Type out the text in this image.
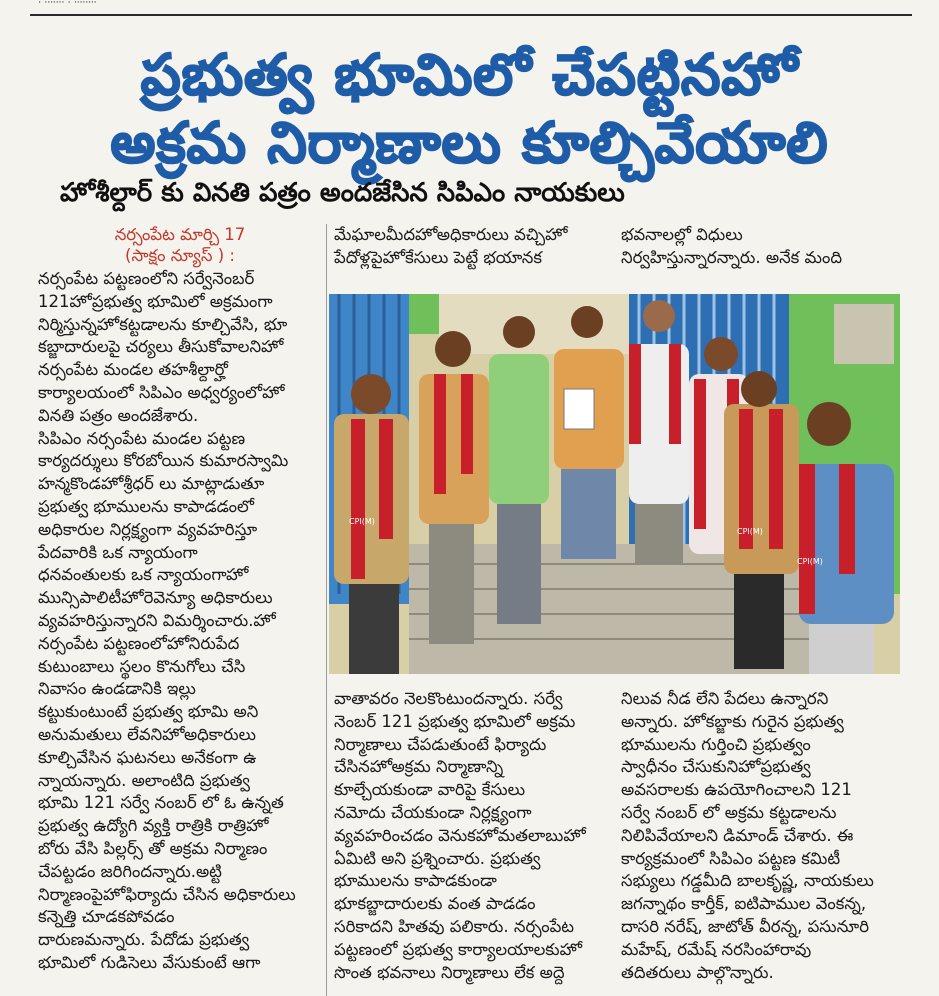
ᐧ ᐧᐧᐧᐧᐧᐧᐧ ᐧ ᐧᐧᐧᐧᐧᐧᐧᐧ
ప్రభుత్వ భూమిలో చేపట్టినహో
అక్రమ నిర్మాణాలు కూల్చివేయాలి
హోశీల్దార్ కు వినతి పత్రం అందజేసిన సిపిఎం నాయకులు
నర్సంపేట మార్చి 17
(సాక్షం న్యూస్ ) :
నర్సంపేట పట్టణంలోని సర్వేనెంబర్
121హోప్రభుత్వ భూమిలో అక్రమంగా
నిర్మిస్తున్నహోకట్టడాలను కూల్చివేసి, భూ
కబ్జాదారులపై చర్యలు తీసుకోవాలనిహో
నర్సంపేట మండల తహశీల్దార్హో
కార్యాలయంలో సిపిఎం అధ్వర్యంలోహో
వినతి పత్రం అందజేశారు.
సిపిఎం నర్సంపేట మండల పట్టణ
కార్యదర్శులు కోరబోయిన కుమారస్వామి
హన్మకొండహోశ్రీధర్ లు మాట్లాడుతూ
ప్రభుత్వ భూములను కాపాడడంలో
అధికారుల నిర్లక్ష్యంగా వ్యవహరిస్తూ
పేదవారికి ఒక న్యాయంగా
ధనవంతులకు ఒక న్యాయంగాహో
మున్సిపాలిటీహోరెవెన్యూ అధికారులు
వ్యవహరిస్తున్నారని విమర్శించారు.హో
నర్సంపేట పట్టణంలోహోనిరుపేద
కుటుంబాలు స్థలం కొనుగోలు చేసి
నివాసం ఉండడానికి ఇల్లు
కట్టుకుంటుంటే ప్రభుత్వ భూమి అని
అనుమతులు లేవనిహోఅధికారులు
కూల్చివేసిన ఘటనలు అనేకంగా ఉ
న్నాయన్నారు. అలాంటిది ప్రభుత్వ
భూమి 121 సర్వే నంబర్ లో ఓ ఉన్నత
ప్రభుత్వ ఉద్యోగి వ్యక్తి రాత్రికి రాత్రిహో
బోరు వేసి పిల్లర్స్ తో అక్రమ నిర్మాణం
చేపట్టడం జరిగిందన్నారు.అట్టి
నిర్మాణంపైహోఫిర్యాదు చేసిన అధికారులు
కన్నెత్తి చూడకపోవడం
దారుణమన్నారు. పేదోడు ప్రభుత్వ
భూమిలో గుడిసెలు వేసుకుంటే ఆగా
మేఘాలమీదహోఅధికారులు వచ్చిహో
పేదోళ్లపైహోకేసులు పెట్టే భయానక
భవనాలల్లో విధులు
నిర్వహిస్తున్నారన్నారు. అనేక మంది
వాతావరం నెలకొంటుందన్నారు. సర్వే
నెంబర్ 121 ప్రభుత్వ భూమిలో అక్రమ
నిర్మాణాలు చేపడుతుంటే ఫిర్యాదు
చేసినహోఅక్రమ నిర్మాణాన్ని
కూల్చేయకుండా వారిపై కేసులు
నమోదు చేయకుండా నిర్లక్ష్యంగా
వ్యవహరించడం వెనుకహోమతలాబుహో
ఏమిటి అని ప్రశ్నించారు. ప్రభుత్వ
భూములను కాపాడకుండా
భూకబ్జాదారులకు వంత పాడడం
సరికాదని హితవు పలికారు. నర్సంపేట
పట్టణంలో ప్రభుత్వ కార్యాలయాలకుహో
సొంత భవనాలు నిర్మాణాలు లేక అద్దె
నిలువ నీడ లేని పేదలు ఉన్నారని
అన్నారు. హోకబ్జాకు గురైన ప్రభుత్వ
భూములను గుర్తించి ప్రభుత్వం
స్వాధీనం చేసుకునిహోప్రభుత్వ
అవసరాలకు ఉపయోగించాలని 121
సర్వే నంబర్ లో అక్రమ కట్టడాలను
నిలిపివేయాలని డిమాండ్ చేశారు. ఈ
కార్యక్రమంలో సిపిఎం పట్టణ కమిటీ
సభ్యులు గడ్డమీది బాలకృష్ణ, నాయకులు
జగన్నాథం కార్తీక్, ఐటిపాముల వెంకన్న,
దాసరి నరేష్, జాటోత్ వీరన్న, పసునూరి
మహేష్, రమేష్ నరసింహారావు
తదితరులు పాల్గొన్నారు.
CPI(M)
CPI(M)
CPI(M)
